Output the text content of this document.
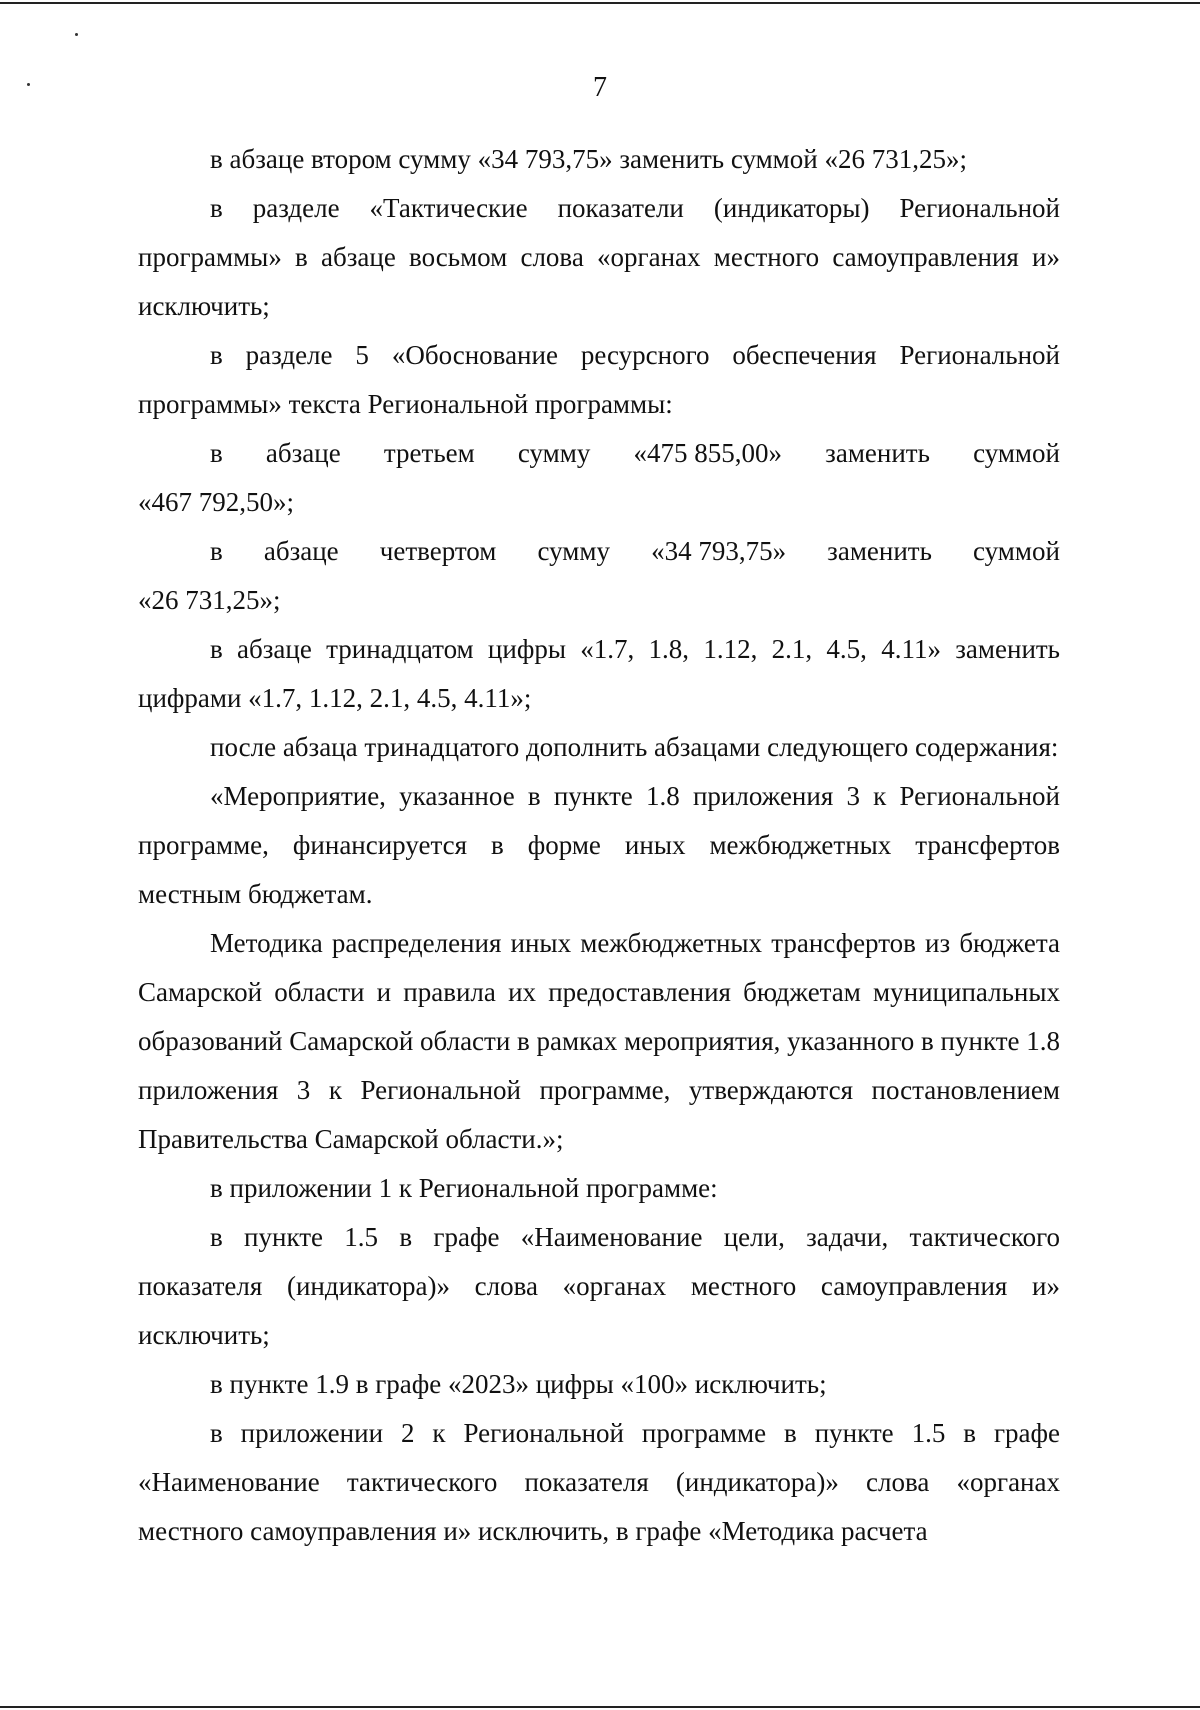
7

в абзаце втором сумму «34 793,75» заменить суммой «26 731,25»;

в разделе «Тактические показатели (индикаторы) Региональной программы» в абзаце восьмом слова «органах местного самоуправления и» исключить;

в разделе 5 «Обоснование ресурсного обеспечения Региональной программы» текста Региональной программы:

в абзаце третьем сумму «475 855,00» заменить суммой
«467 792,50»;
в абзаце четвертом сумму «34 793,75» заменить суммой
«26 731,25»;

в абзаце тринадцатом цифры «1.7, 1.8, 1.12, 2.1, 4.5, 4.11» заменить цифрами «1.7, 1.12, 2.1, 4.5, 4.11»;

после абзаца тринадцатого дополнить абзацами следующего содержания:

«Мероприятие, указанное в пункте 1.8 приложения 3 к Региональной программе, финансируется в форме иных межбюджетных трансфертов местным бюджетам.

Методика распределения иных межбюджетных трансфертов из бюджета Самарской области и правила их предоставления бюджетам муниципальных образований Самарской области в рамках мероприятия, указанного в пункте 1.8 приложения 3 к Региональной программе, утверждаются постановлением Правительства Самарской области.»;

в приложении 1 к Региональной программе:

в пункте 1.5 в графе «Наименование цели, задачи, тактического показателя (индикатора)» слова «органах местного самоуправления и» исключить;

в пункте 1.9 в графе «2023» цифры «100» исключить;

в приложении 2 к Региональной программе в пункте 1.5 в графе «Наименование тактического показателя (индикатора)» слова «органах местного самоуправления и» исключить, в графе «Методика расчета
